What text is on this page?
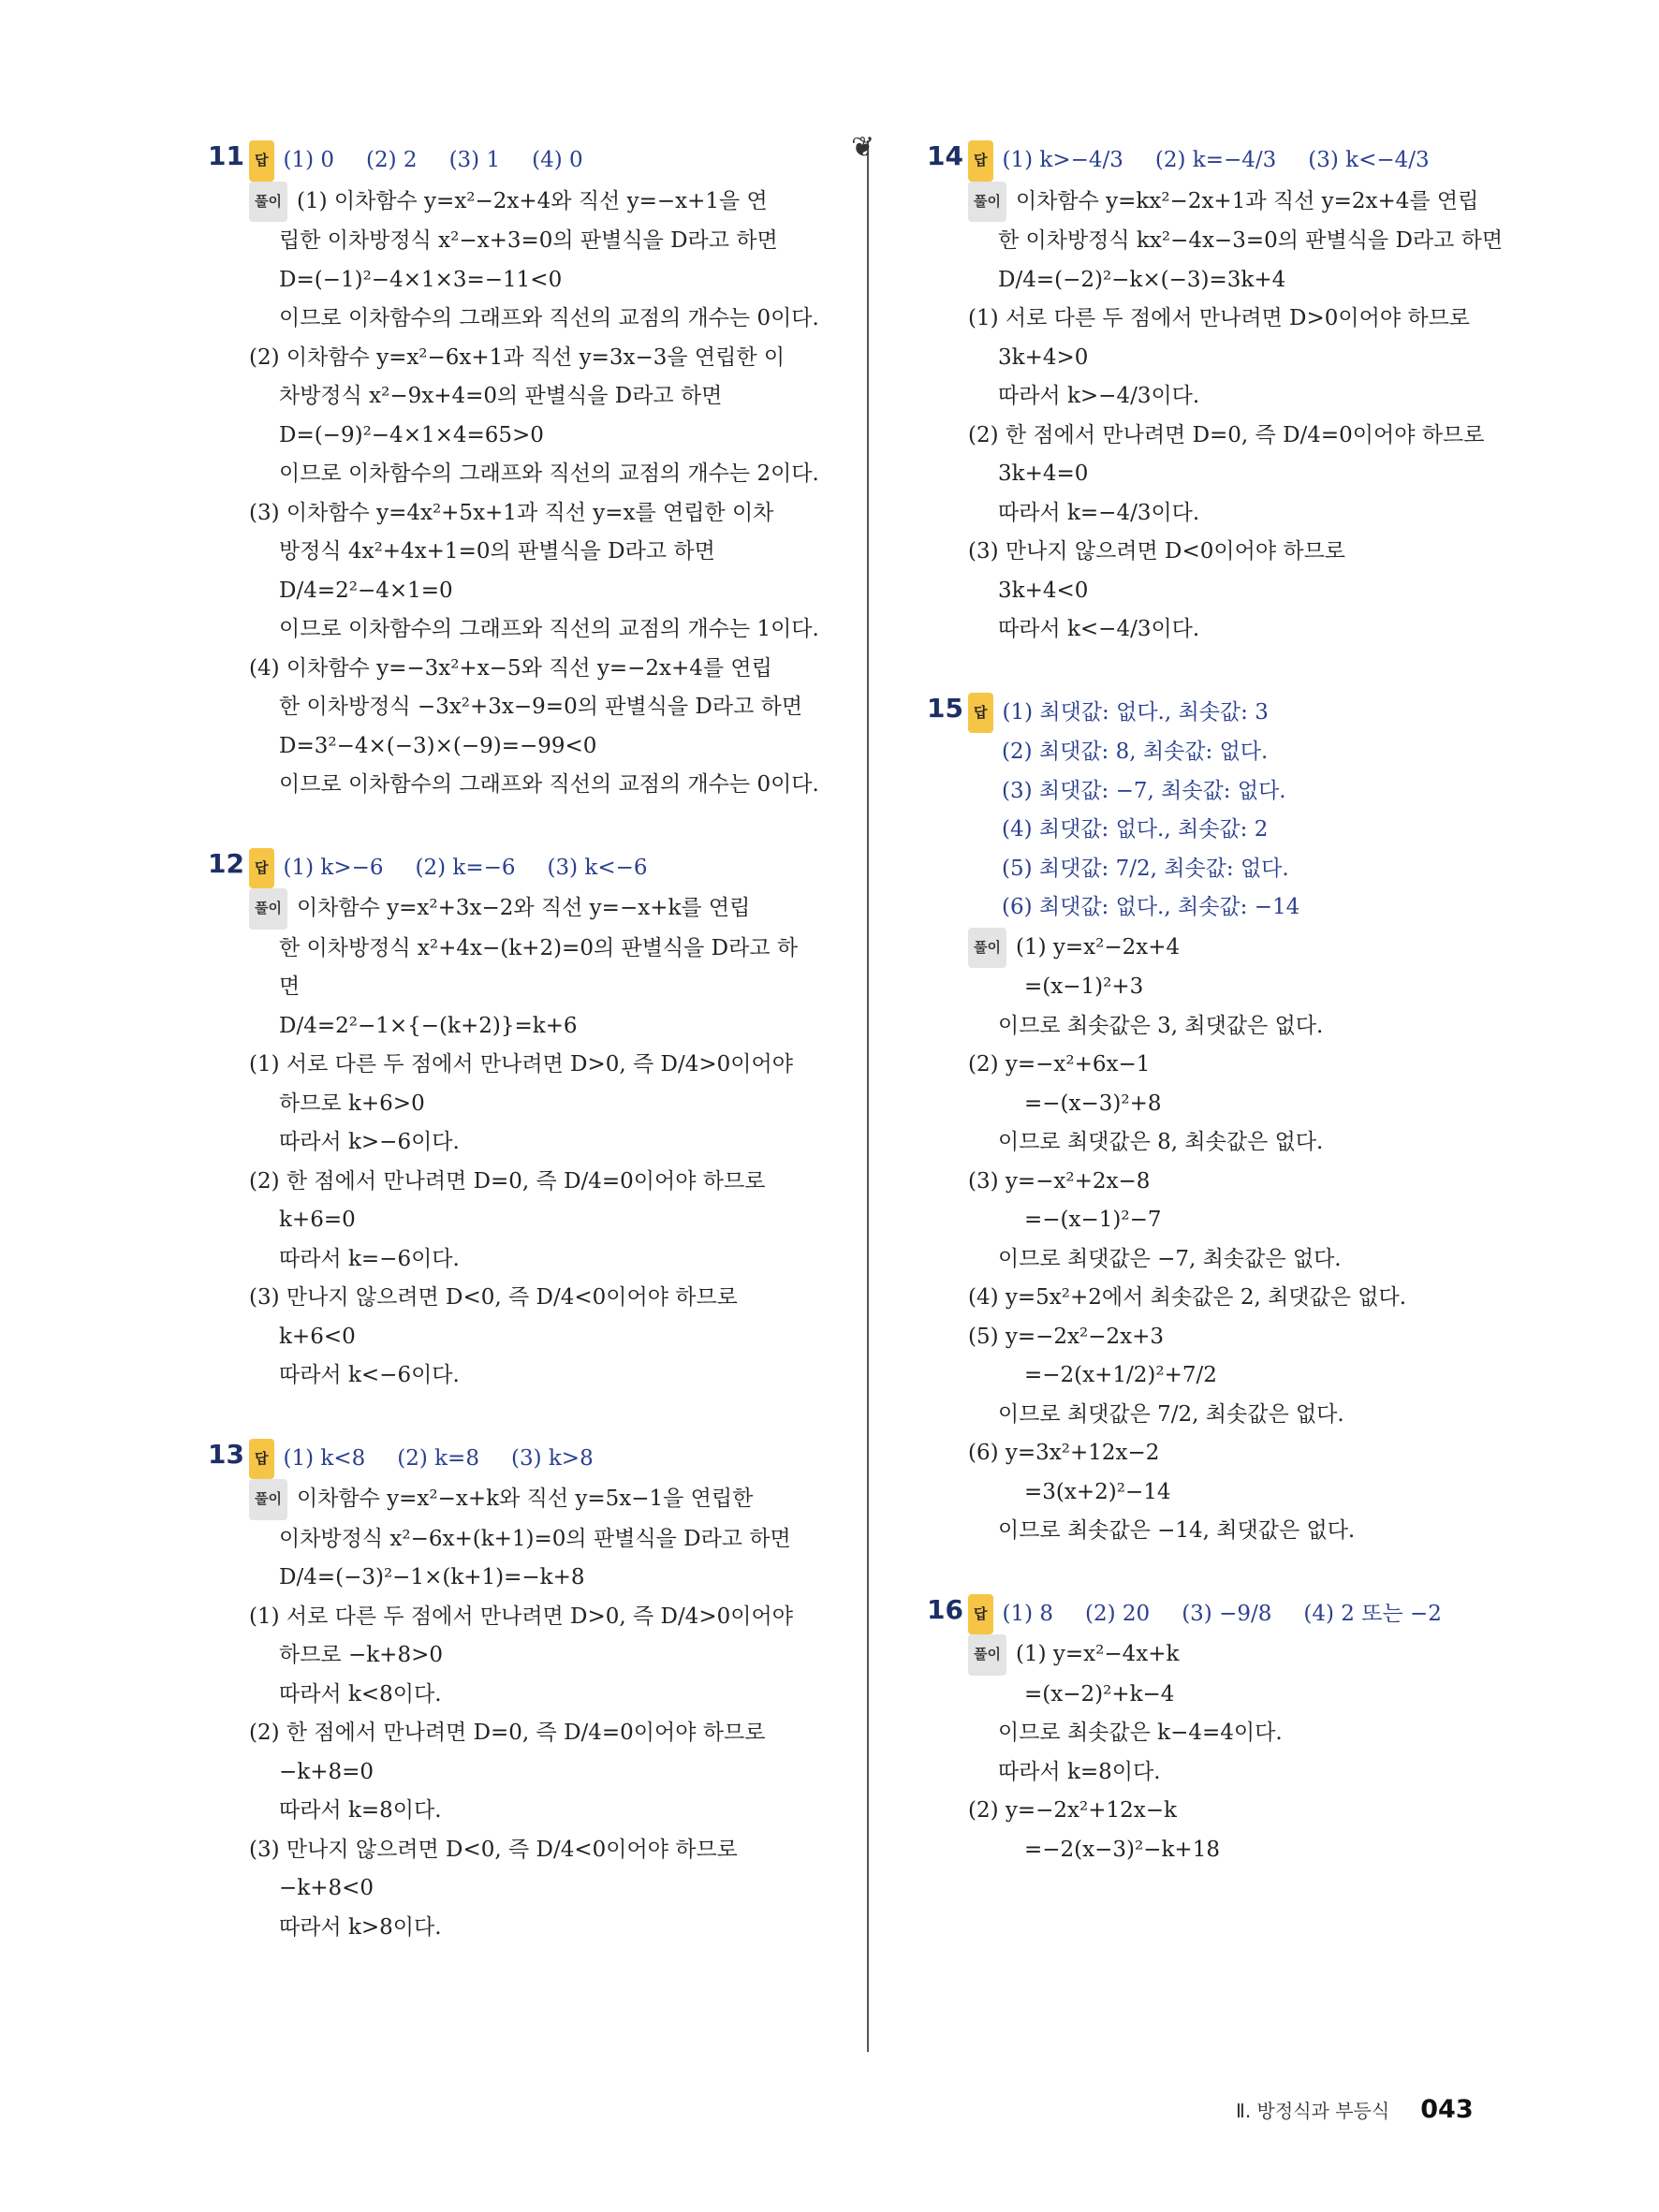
❦
11 답 (1) 0 (2) 2 (3) 1 (4) 0
풀이 (1) 이차함수 y=x²−2x+4와 직선 y=−x+1을 연
립한 이차방정식 x²−x+3=0의 판별식을 D라고 하면
D=(−1)²−4×1×3=−11<0
이므로 이차함수의 그래프와 직선의 교점의 개수는 0이다.
(2) 이차함수 y=x²−6x+1과 직선 y=3x−3을 연립한 이
차방정식 x²−9x+4=0의 판별식을 D라고 하면
D=(−9)²−4×1×4=65>0
이므로 이차함수의 그래프와 직선의 교점의 개수는 2이다.
(3) 이차함수 y=4x²+5x+1과 직선 y=x를 연립한 이차
방정식 4x²+4x+1=0의 판별식을 D라고 하면
D/4=2²−4×1=0
이므로 이차함수의 그래프와 직선의 교점의 개수는 1이다.
(4) 이차함수 y=−3x²+x−5와 직선 y=−2x+4를 연립
한 이차방정식 −3x²+3x−9=0의 판별식을 D라고 하면
D=3²−4×(−3)×(−9)=−99<0
이므로 이차함수의 그래프와 직선의 교점의 개수는 0이다.
12 답 (1) k>−6 (2) k=−6 (3) k<−6
풀이 이차함수 y=x²+3x−2와 직선 y=−x+k를 연립
한 이차방정식 x²+4x−(k+2)=0의 판별식을 D라고 하
면
D/4=2²−1×{−(k+2)}=k+6
(1) 서로 다른 두 점에서 만나려면 D>0, 즉 D/4>0이어야
하므로 k+6>0
따라서 k>−6이다.
(2) 한 점에서 만나려면 D=0, 즉 D/4=0이어야 하므로
k+6=0
따라서 k=−6이다.
(3) 만나지 않으려면 D<0, 즉 D/4<0이어야 하므로
k+6<0
따라서 k<−6이다.
13 답 (1) k<8 (2) k=8 (3) k>8
풀이 이차함수 y=x²−x+k와 직선 y=5x−1을 연립한
이차방정식 x²−6x+(k+1)=0의 판별식을 D라고 하면
D/4=(−3)²−1×(k+1)=−k+8
(1) 서로 다른 두 점에서 만나려면 D>0, 즉 D/4>0이어야
하므로 −k+8>0
따라서 k<8이다.
(2) 한 점에서 만나려면 D=0, 즉 D/4=0이어야 하므로
−k+8=0
따라서 k=8이다.
(3) 만나지 않으려면 D<0, 즉 D/4<0이어야 하므로
−k+8<0
따라서 k>8이다.
14 답 (1) k>−4/3 (2) k=−4/3 (3) k<−4/3
풀이 이차함수 y=kx²−2x+1과 직선 y=2x+4를 연립
한 이차방정식 kx²−4x−3=0의 판별식을 D라고 하면
D/4=(−2)²−k×(−3)=3k+4
(1) 서로 다른 두 점에서 만나려면 D>0이어야 하므로
3k+4>0
따라서 k>−4/3이다.
(2) 한 점에서 만나려면 D=0, 즉 D/4=0이어야 하므로
3k+4=0
따라서 k=−4/3이다.
(3) 만나지 않으려면 D<0이어야 하므로
3k+4<0
따라서 k<−4/3이다.
15 답 (1) 최댓값: 없다., 최솟값: 3
(2) 최댓값: 8, 최솟값: 없다.
(3) 최댓값: −7, 최솟값: 없다.
(4) 최댓값: 없다., 최솟값: 2
(5) 최댓값: 7/2, 최솟값: 없다.
(6) 최댓값: 없다., 최솟값: −14
풀이 (1) y=x²−2x+4
=(x−1)²+3
이므로 최솟값은 3, 최댓값은 없다.
(2) y=−x²+6x−1
=−(x−3)²+8
이므로 최댓값은 8, 최솟값은 없다.
(3) y=−x²+2x−8
=−(x−1)²−7
이므로 최댓값은 −7, 최솟값은 없다.
(4) y=5x²+2에서 최솟값은 2, 최댓값은 없다.
(5) y=−2x²−2x+3
=−2(x+1/2)²+7/2
이므로 최댓값은 7/2, 최솟값은 없다.
(6) y=3x²+12x−2
=3(x+2)²−14
이므로 최솟값은 −14, 최댓값은 없다.
16 답 (1) 8 (2) 20 (3) −9/8 (4) 2 또는 −2
풀이 (1) y=x²−4x+k
=(x−2)²+k−4
이므로 최솟값은 k−4=4이다.
따라서 k=8이다.
(2) y=−2x²+12x−k
=−2(x−3)²−k+18
Ⅱ. 방정식과 부등식 043
